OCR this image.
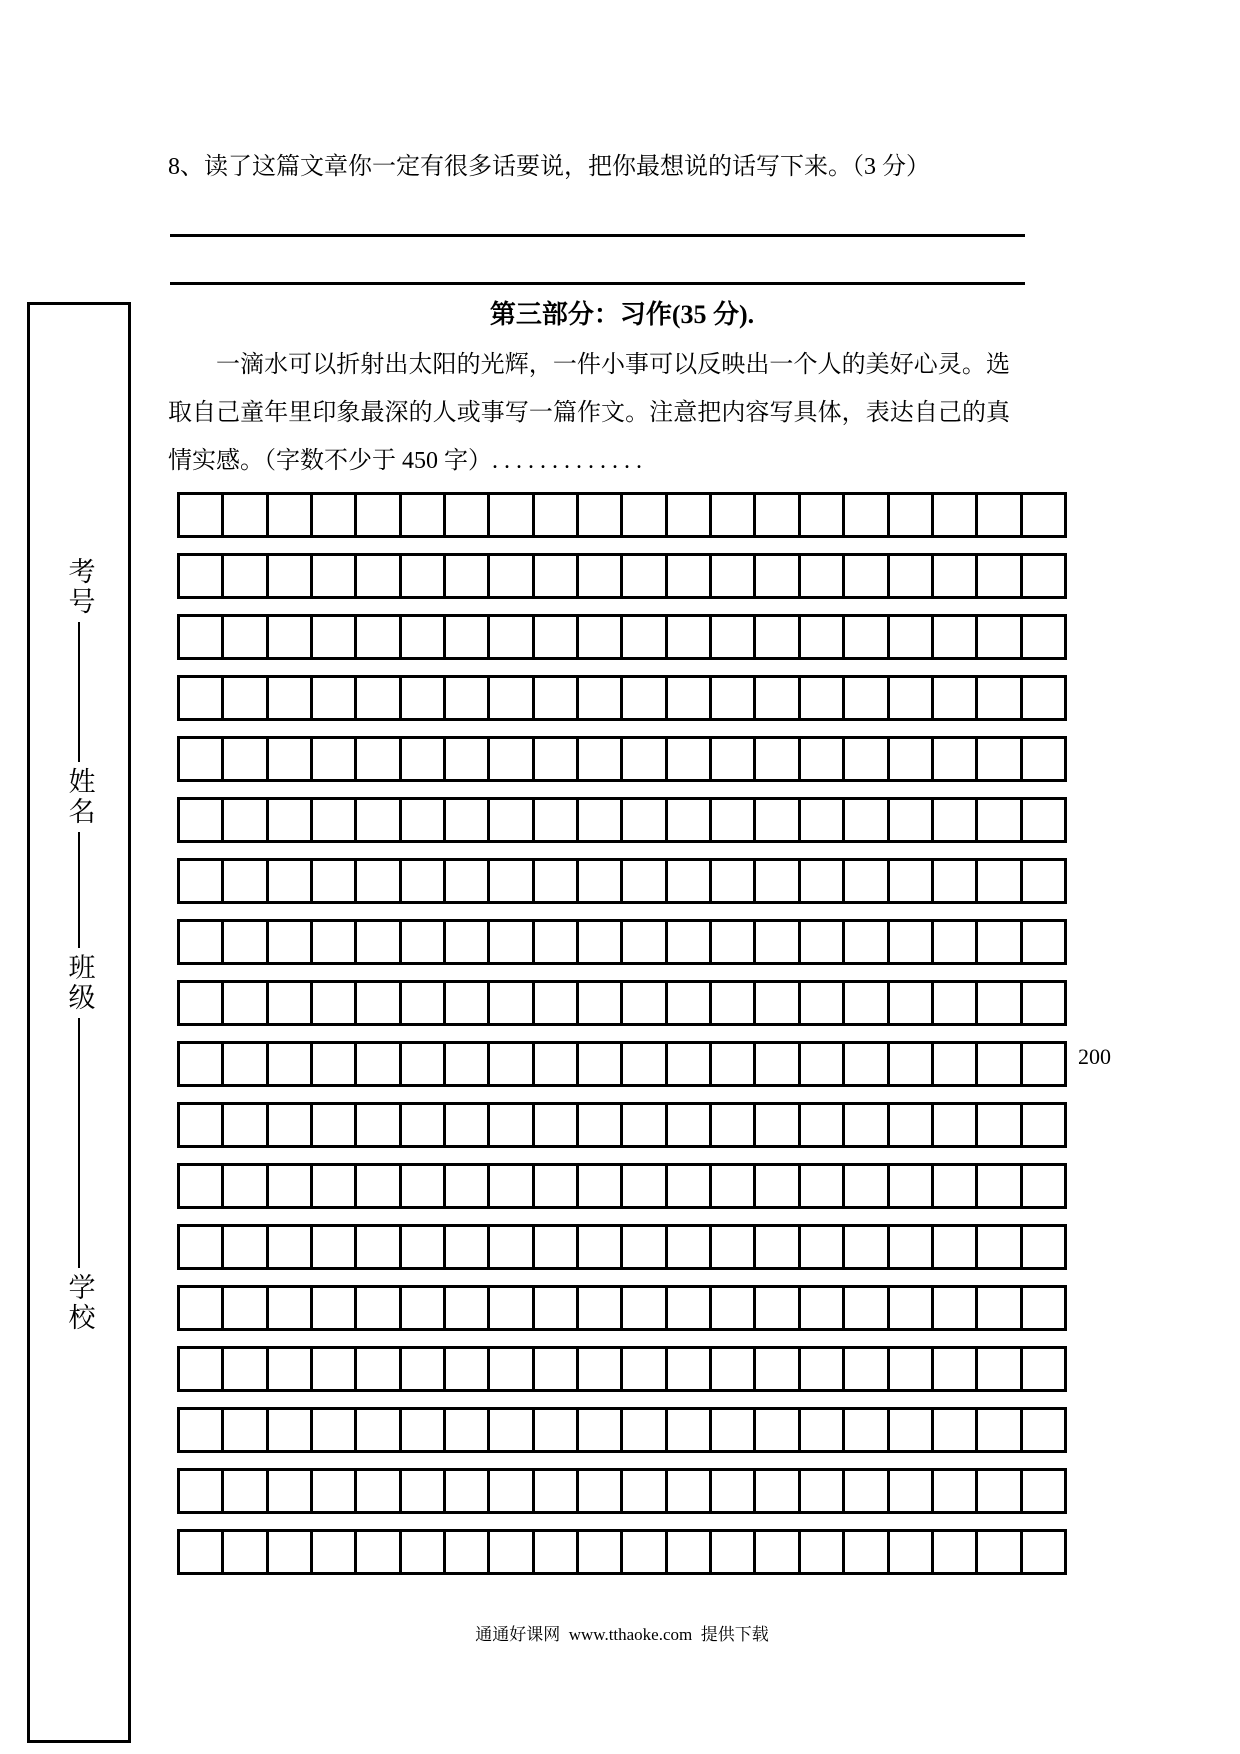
8、读了这篇文章你一定有很多话要说，把你最想说的话写下来。（3 分）
第三部分：习作(35 分).
一滴水可以折射出太阳的光辉，一件小事可以反映出一个人的美好心灵。选
取自己童年里印象最深的人或事写一篇作文。注意把内容写具体，表达自己的真
情实感。（字数不少于 450 字）. . . . . . . . . . . . .
200
通通好课网  www.tthaoke.com  提供下载
考号
姓名
班级
学校
